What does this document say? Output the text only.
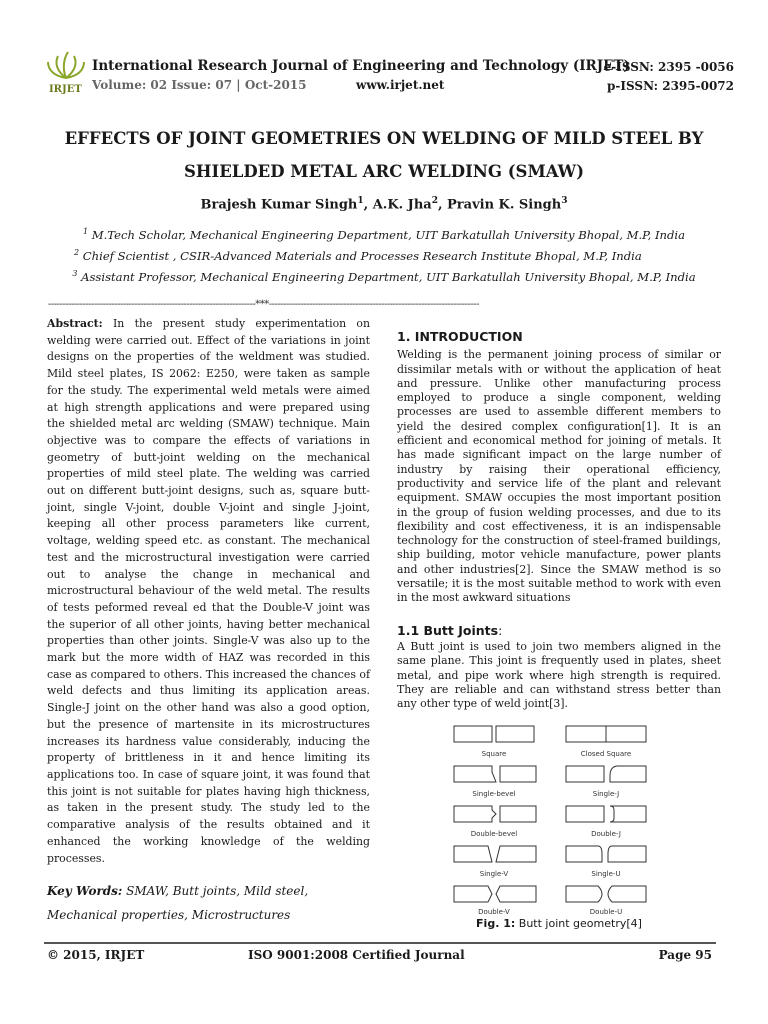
IRJET
International Research Journal of Engineering and Technology (IRJET)
Volume: 02 Issue: 07 | Oct-2015	www.irjet.net
e-ISSN: 2395 -0056
p-ISSN: 2395-0072
EFFECTS OF JOINT GEOMETRIES ON WELDING OF MILD STEEL BY
SHIELDED METAL ARC WELDING (SMAW)
Brajesh Kumar Singh$^1$, A.K. Jha$^2$, Pravin K. Singh$^3$
$^1$ M.Tech Scholar, Mechanical Engineering Department, UIT Barkatullah University Bhopal, M.P, India
$^2$ Chief Scientist , CSIR-Advanced Materials and Processes Research Institute Bhopal, M.P, India
$^3$ Assistant Professor, Mechanical Engineering Department, UIT Barkatullah University Bhopal, M.P, India
------------------------------------------------------------------------***-------------------------------------------------------------------------

Abstract: In the present study experimentation on welding were carried out. Effect of the variations in joint designs on the properties of the weldment was studied. Mild steel plates, IS 2062: E250, were taken as sample for the study. The experimental weld metals were aimed at high strength applications and were prepared using the shielded metal arc welding (SMAW) technique. Main objective was to compare the effects of variations in geometry of butt-joint welding on the mechanical properties of mild steel plate. The welding was carried out on different butt-joint designs, such as, square butt-joint, single V-joint, double V-joint and single J-joint, keeping all other process parameters like current, voltage, welding speed etc. as constant. The mechanical test and the microstructural investigation were carried out to analyse the change in mechanical and microstructural behaviour of the weld metal. The results of tests peformed reveal ed that the Double-V joint was the superior of all other joints, having better mechanical properties than other joints. Single-V was also up to the mark but the more width of HAZ was recorded in this case as compared to others. This increased the chances of weld defects and thus limiting its application areas. Single-J joint on the other hand was also a good option, but the presence of martensite in its microstructures increases its hardness value considerably, inducing the property of brittleness in it and hence limiting its applications too. In case of square joint, it was found that this joint is not suitable for plates having high thickness, as taken in the present study. The study led to the comparative analysis of the results obtained and it enhanced the working knowledge of the welding processes.

Key Words: SMAW, Butt joints, Mild steel, Mechanical properties, Microstructures

1. INTRODUCTION

Welding is the permanent joining process of similar or dissimilar metals with or without the application of heat and pressure. Unlike other manufacturing process employed to produce a single component, welding processes are used to assemble different members to yield the desired complex configuration[1]. It is an efficient and economical method for joining of metals. It has made significant impact on the large number of industry by raising their operational efficiency, productivity and service life of the plant and relevant equipment. SMAW occupies the most important position in the group of fusion welding processes, and due to its flexibility and cost effectiveness, it is an indispensable technology for the construction of steel-framed buildings, ship building, motor vehicle manufacture, power plants and other industries[2]. Since the SMAW method is so versatile; it is the most suitable method to work with even in the most awkward situations

1.1 Butt Joints:

A Butt joint is used to join two members aligned in the same plane. This joint is frequently used in plates, sheet metal, and pipe work where high strength is required. They are reliable and can withstand stress better than any other type of weld joint[3].

Square	Closed Square
Single-bevel	Single-J
Double-bevel	Double-J
Single-V	Single-U
Double-V	Double-U
Fig. 1: Butt joint geometry[4]
© 2015, IRJET	ISO 9001:2008 Certified Journal	Page 95
